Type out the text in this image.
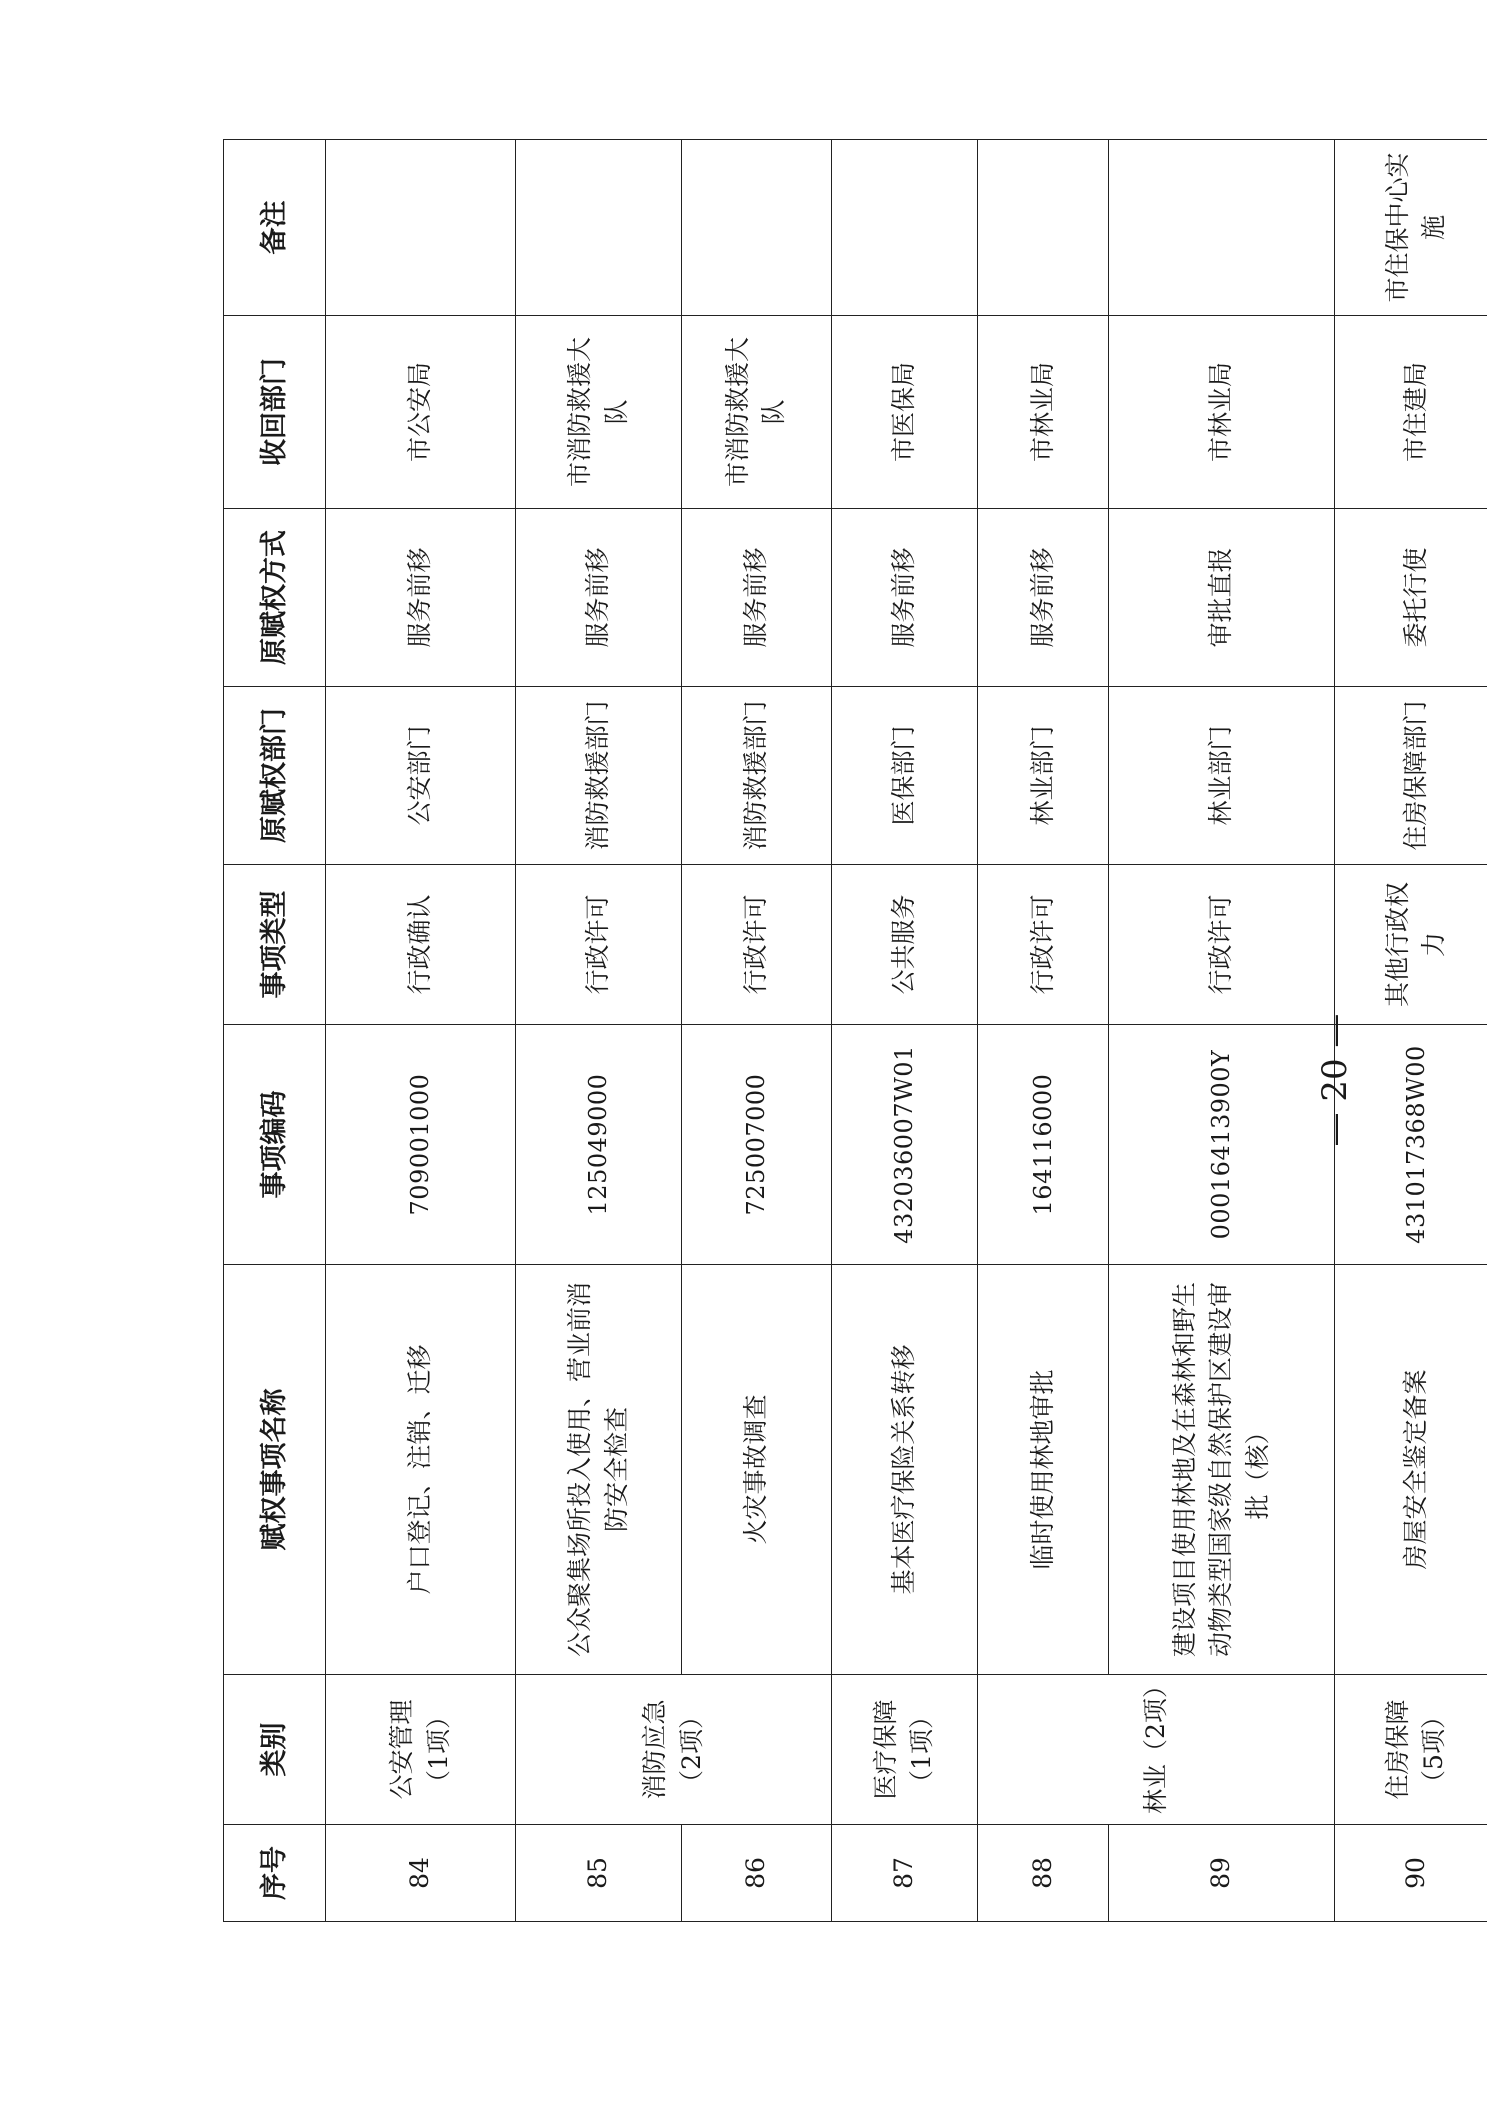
序号	类别	赋权事项名称	事项编码	事项类型	原赋权部门	原赋权方式	收回部门	备注
84	公安管理（1项）	户口登记、注销、迁移	709001000	行政确认	公安部门	服务前移	市公安局	
85	消防应急（2项）	公众聚集场所投入使用、营业前消防安全检查	125049000	行政许可	消防救援部门	服务前移	市消防救援大队	
86		火灾事故调查	725007000	行政许可	消防救援部门	服务前移	市消防救援大队	
87	医疗保障（1项）	基本医疗保险关系转移	43203600​7W01	公共服务	医保部门	服务前移	市医保局	
88	林业（2项）	临时使用林地审批	164116000	行政许可	林业部门	服务前移	市林业局	
89		建设项目使用林地及在森林和野生动物类型国家级自然保护区建设审批（核）	000164139​00Y	行政许可	林业部门	审批直报	市林业局	
90	住房保障（5项）	房屋安全鉴定备案	431017368W00	其他行政权力	住房保障部门	委托行使	市住建局	市住保中心实施
— 20 —
